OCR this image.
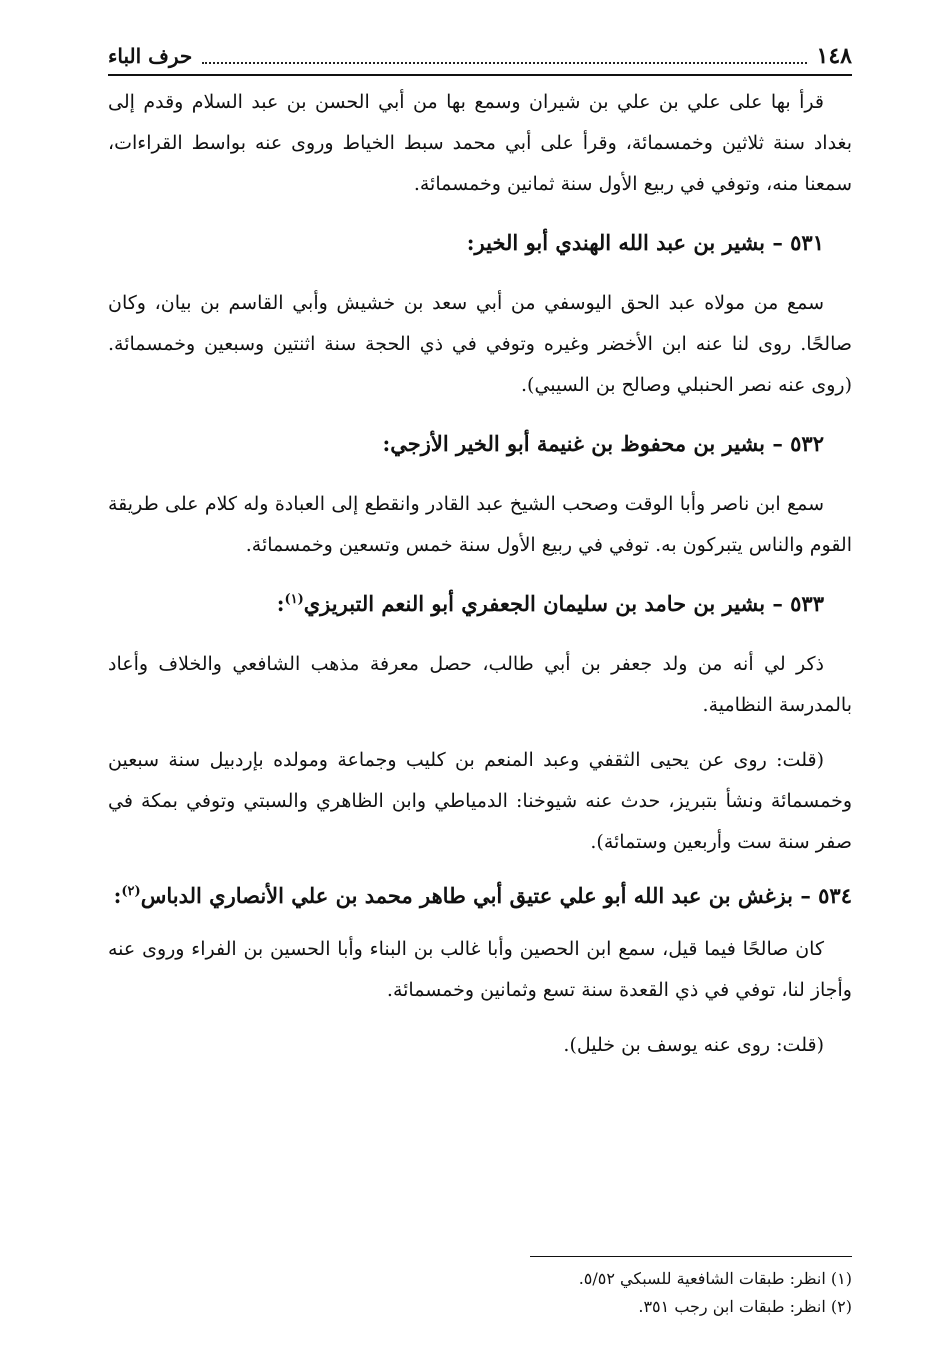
١٤٨
حرف الباء

قرأ بها على علي بن علي بن شيران وسمع بها من أبي الحسن بن عبد السلام وقدم إلى بغداد سنة ثلاثين وخمسمائة، وقرأ على أبي محمد سبط الخياط وروى عنه بواسط القراءات، سمعنا منه، وتوفي في ربيع الأول سنة ثمانين وخمسمائة.

٥٣١ – بشير بن عبد الله الهندي أبو الخير:

سمع من مولاه عبد الحق اليوسفي من أبي سعد بن خشيش وأبي القاسم بن بيان، وكان صالحًا. روى لنا عنه ابن الأخضر وغيره وتوفي في ذي الحجة سنة اثنتين وسبعين وخمسمائة. (روى عنه نصر الحنبلي وصالح بن السيبي).

٥٣٢ – بشير بن محفوظ بن غنيمة أبو الخير الأزجي:

سمع ابن ناصر وأبا الوقت وصحب الشيخ عبد القادر وانقطع إلى العبادة وله كلام على طريقة القوم والناس يتبركون به. توفي في ربيع الأول سنة خمس وتسعين وخمسمائة.

٥٣٣ – بشير بن حامد بن سليمان الجعفري أبو النعم التبريزي$^{(١)}$:

ذكر لي أنه من ولد جعفر بن أبي طالب، حصل معرفة مذهب الشافعي والخلاف وأعاد بالمدرسة النظامية.

(قلت: روى عن يحيى الثقفي وعبد المنعم بن كليب وجماعة ومولده بإردبيل سنة سبعين وخمسمائة ونشأ بتبريز، حدث عنه شيوخنا: الدمياطي وابن الظاهري والسبتي وتوفي بمكة في صفر سنة ست وأربعين وستمائة).

٥٣٤ – بزغش بن عبد الله أبو علي عتيق أبي طاهر محمد بن علي الأنصاري الدباس$^{(٢)}$:

كان صالحًا فيما قيل، سمع ابن الحصين وأبا غالب بن البناء وأبا الحسين بن الفراء وروى عنه وأجاز لنا، توفي في ذي القعدة سنة تسع وثمانين وخمسمائة.

(قلت: روى عنه يوسف بن خليل).

(١) انظر: طبقات الشافعية للسبكي ٥/٥٢.

(٢) انظر: طبقات ابن رجب ٣٥١.
